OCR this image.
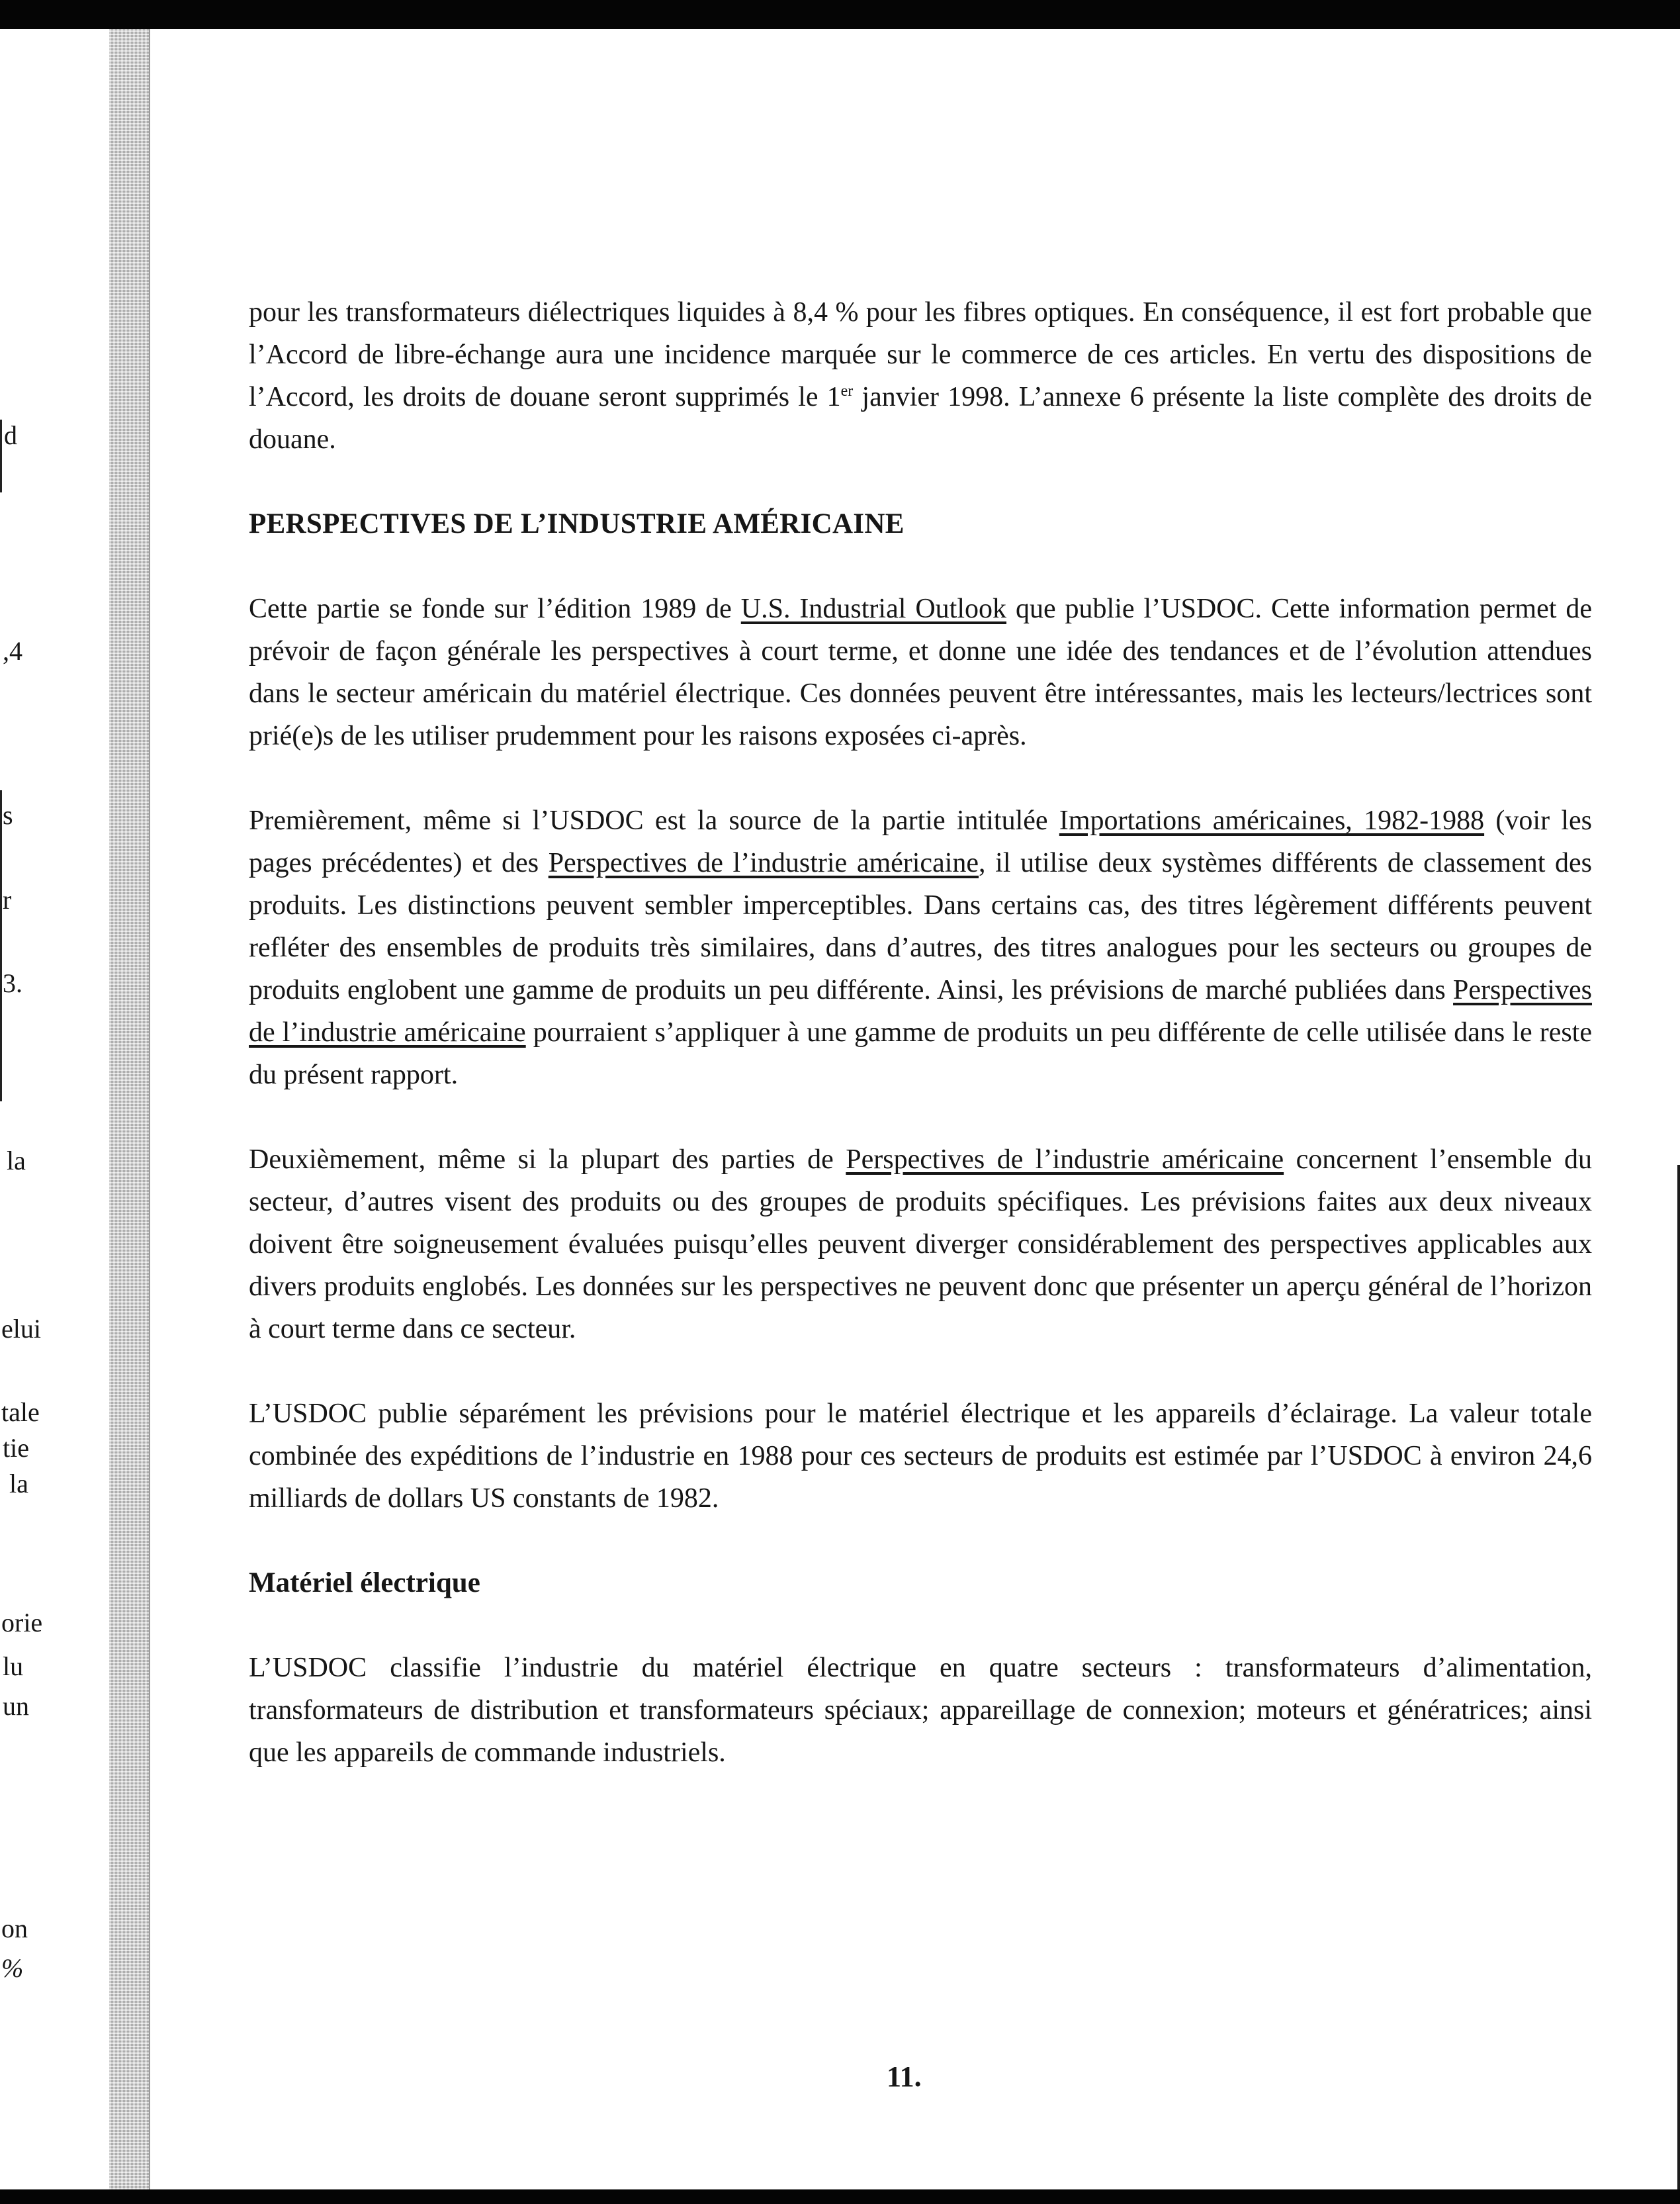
d
,4
s
r
3.
la
elui
tale
tie
la
orie
lu
un
on
%

pour les transformateurs diélectriques liquides à 8,4 % pour les fibres optiques. En conséquence, il est fort probable que l’Accord de libre-échange aura une incidence marquée sur le commerce de ces articles. En vertu des dispositions de l’Accord, les droits de douane seront supprimés le 1er janvier 1998. L’annexe 6 présente la liste complète des droits de douane.

PERSPECTIVES DE L’INDUSTRIE AMÉRICAINE

Cette partie se fonde sur l’édition 1989 de U.S. Industrial Outlook que publie l’USDOC. Cette information permet de prévoir de façon générale les perspectives à court terme, et donne une idée des tendances et de l’évolution attendues dans le secteur américain du matériel électrique. Ces données peuvent être intéressantes, mais les lecteurs/lectrices sont prié(e)s de les utiliser prudemment pour les raisons exposées ci-après.

Premièrement, même si l’USDOC est la source de la partie intitulée Importations américaines, 1982-1988 (voir les pages précédentes) et des Perspectives de l’industrie américaine, il utilise deux systèmes différents de classement des produits. Les distinctions peuvent sembler imperceptibles. Dans certains cas, des titres légèrement différents peuvent refléter des ensembles de produits très similaires, dans d’autres, des titres analogues pour les secteurs ou groupes de produits englobent une gamme de produits un peu différente. Ainsi, les prévisions de marché publiées dans Perspectives de l’industrie américaine pourraient s’appliquer à une gamme de produits un peu différente de celle utilisée dans le reste du présent rapport.

Deuxièmement, même si la plupart des parties de Perspectives de l’industrie américaine concernent l’ensemble du secteur, d’autres visent des produits ou des groupes de produits spécifiques. Les prévisions faites aux deux niveaux doivent être soigneusement évaluées puisqu’elles peuvent diverger considérablement des perspectives applicables aux divers produits englobés. Les données sur les perspectives ne peuvent donc que présenter un aperçu général de l’horizon à court terme dans ce secteur.

L’USDOC publie séparément les prévisions pour le matériel électrique et les appareils d’éclairage. La valeur totale combinée des expéditions de l’industrie en 1988 pour ces secteurs de produits est estimée par l’USDOC à environ 24,6 milliards de dollars US constants de 1982.

Matériel électrique

L’USDOC classifie l’industrie du matériel électrique en quatre secteurs : transformateurs d’alimentation, transformateurs de distribution et transformateurs spéciaux; appareillage de connexion; moteurs et génératrices; ainsi que les appareils de commande industriels.

11.
